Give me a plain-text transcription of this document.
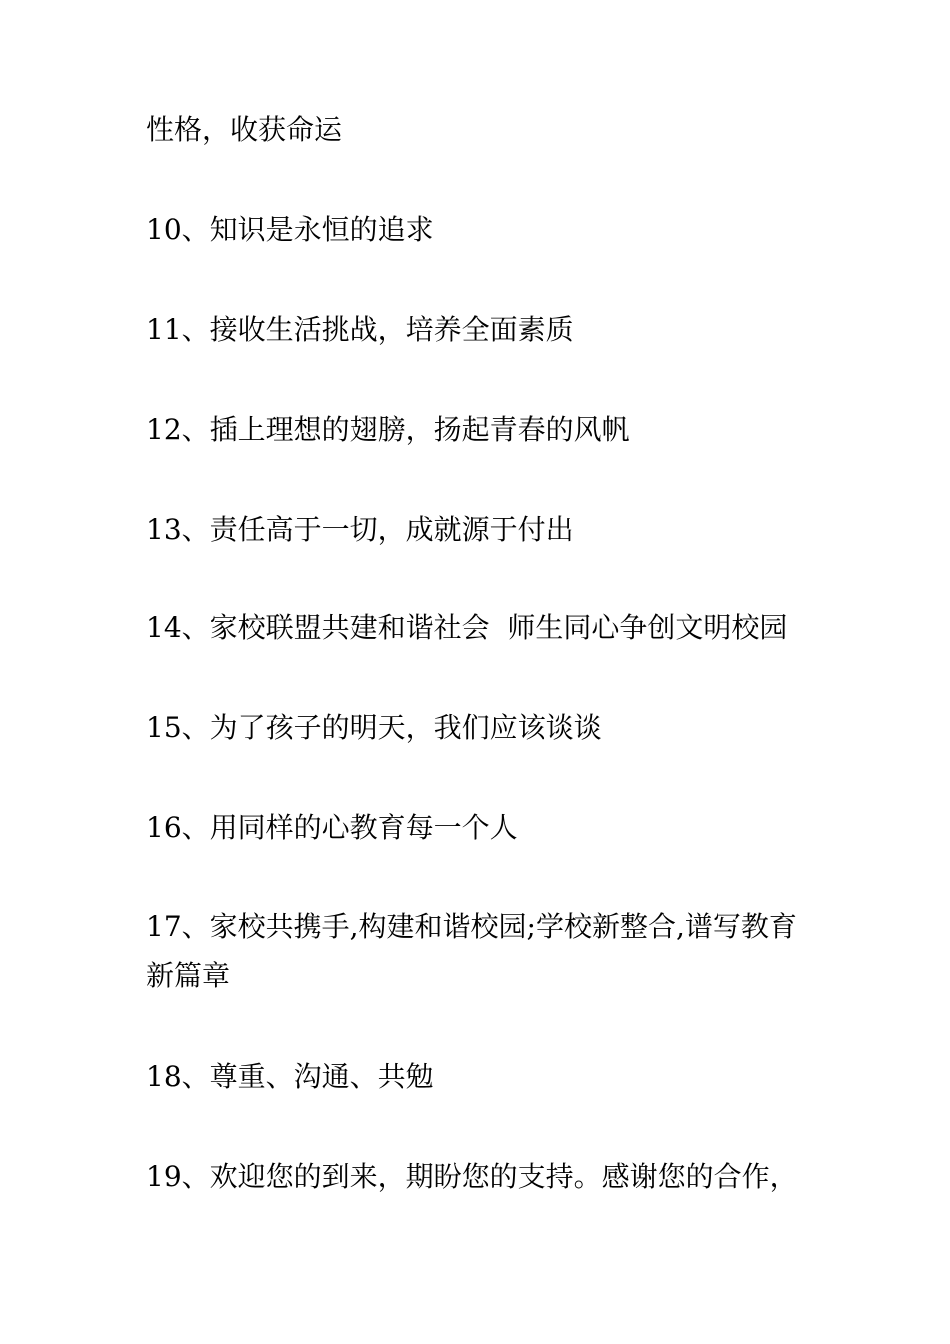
性格，收获命运
10、知识是永恒的追求
11、接收生活挑战，培养全面素质
12、插上理想的翅膀，扬起青春的风帆
13、责任高于一切，成就源于付出
14、家校联盟共建和谐社会  师生同心争创文明校园
15、为了孩子的明天，我们应该谈谈
16、用同样的心教育每一个人
17、家校共携手,构建和谐校园;学校新整合,谱写教育
新篇章
18、尊重、沟通、共勉
19、欢迎您的到来，期盼您的支持。感谢您的合作，
